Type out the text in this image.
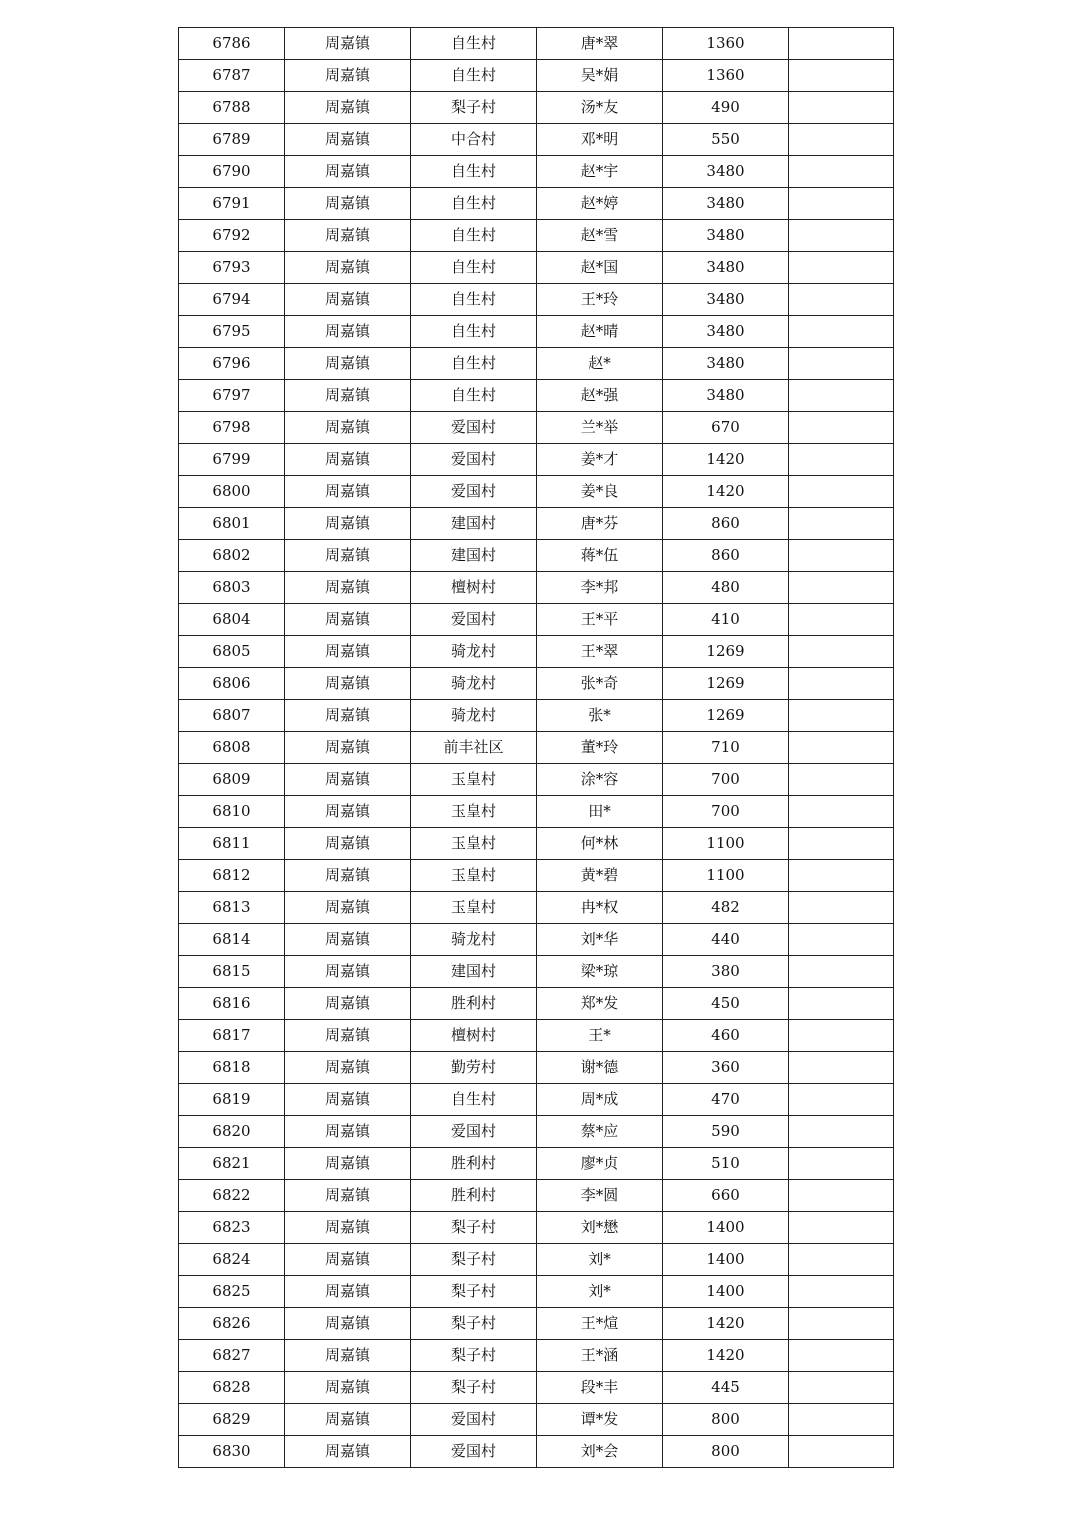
6786	周嘉镇	自生村	唐*翠	1360	
6787	周嘉镇	自生村	吴*娟	1360	
6788	周嘉镇	梨子村	汤*友	490	
6789	周嘉镇	中合村	邓*明	550	
6790	周嘉镇	自生村	赵*宇	3480	
6791	周嘉镇	自生村	赵*婷	3480	
6792	周嘉镇	自生村	赵*雪	3480	
6793	周嘉镇	自生村	赵*国	3480	
6794	周嘉镇	自生村	王*玲	3480	
6795	周嘉镇	自生村	赵*晴	3480	
6796	周嘉镇	自生村	赵*	3480	
6797	周嘉镇	自生村	赵*强	3480	
6798	周嘉镇	爱国村	兰*举	670	
6799	周嘉镇	爱国村	姜*才	1420	
6800	周嘉镇	爱国村	姜*良	1420	
6801	周嘉镇	建国村	唐*芬	860	
6802	周嘉镇	建国村	蒋*伍	860	
6803	周嘉镇	檀树村	李*邦	480	
6804	周嘉镇	爱国村	王*平	410	
6805	周嘉镇	骑龙村	王*翠	1269	
6806	周嘉镇	骑龙村	张*奇	1269	
6807	周嘉镇	骑龙村	张*	1269	
6808	周嘉镇	前丰社区	董*玲	710	
6809	周嘉镇	玉皇村	涂*容	700	
6810	周嘉镇	玉皇村	田*	700	
6811	周嘉镇	玉皇村	何*林	1100	
6812	周嘉镇	玉皇村	黄*碧	1100	
6813	周嘉镇	玉皇村	冉*权	482	
6814	周嘉镇	骑龙村	刘*华	440	
6815	周嘉镇	建国村	梁*琼	380	
6816	周嘉镇	胜利村	郑*发	450	
6817	周嘉镇	檀树村	王*	460	
6818	周嘉镇	勤劳村	谢*德	360	
6819	周嘉镇	自生村	周*成	470	
6820	周嘉镇	爱国村	蔡*应	590	
6821	周嘉镇	胜利村	廖*贞	510	
6822	周嘉镇	胜利村	李*圆	660	
6823	周嘉镇	梨子村	刘*懋	1400	
6824	周嘉镇	梨子村	刘*	1400	
6825	周嘉镇	梨子村	刘*	1400	
6826	周嘉镇	梨子村	王*煊	1420	
6827	周嘉镇	梨子村	王*涵	1420	
6828	周嘉镇	梨子村	段*丰	445	
6829	周嘉镇	爱国村	谭*发	800	
6830	周嘉镇	爱国村	刘*会	800	
